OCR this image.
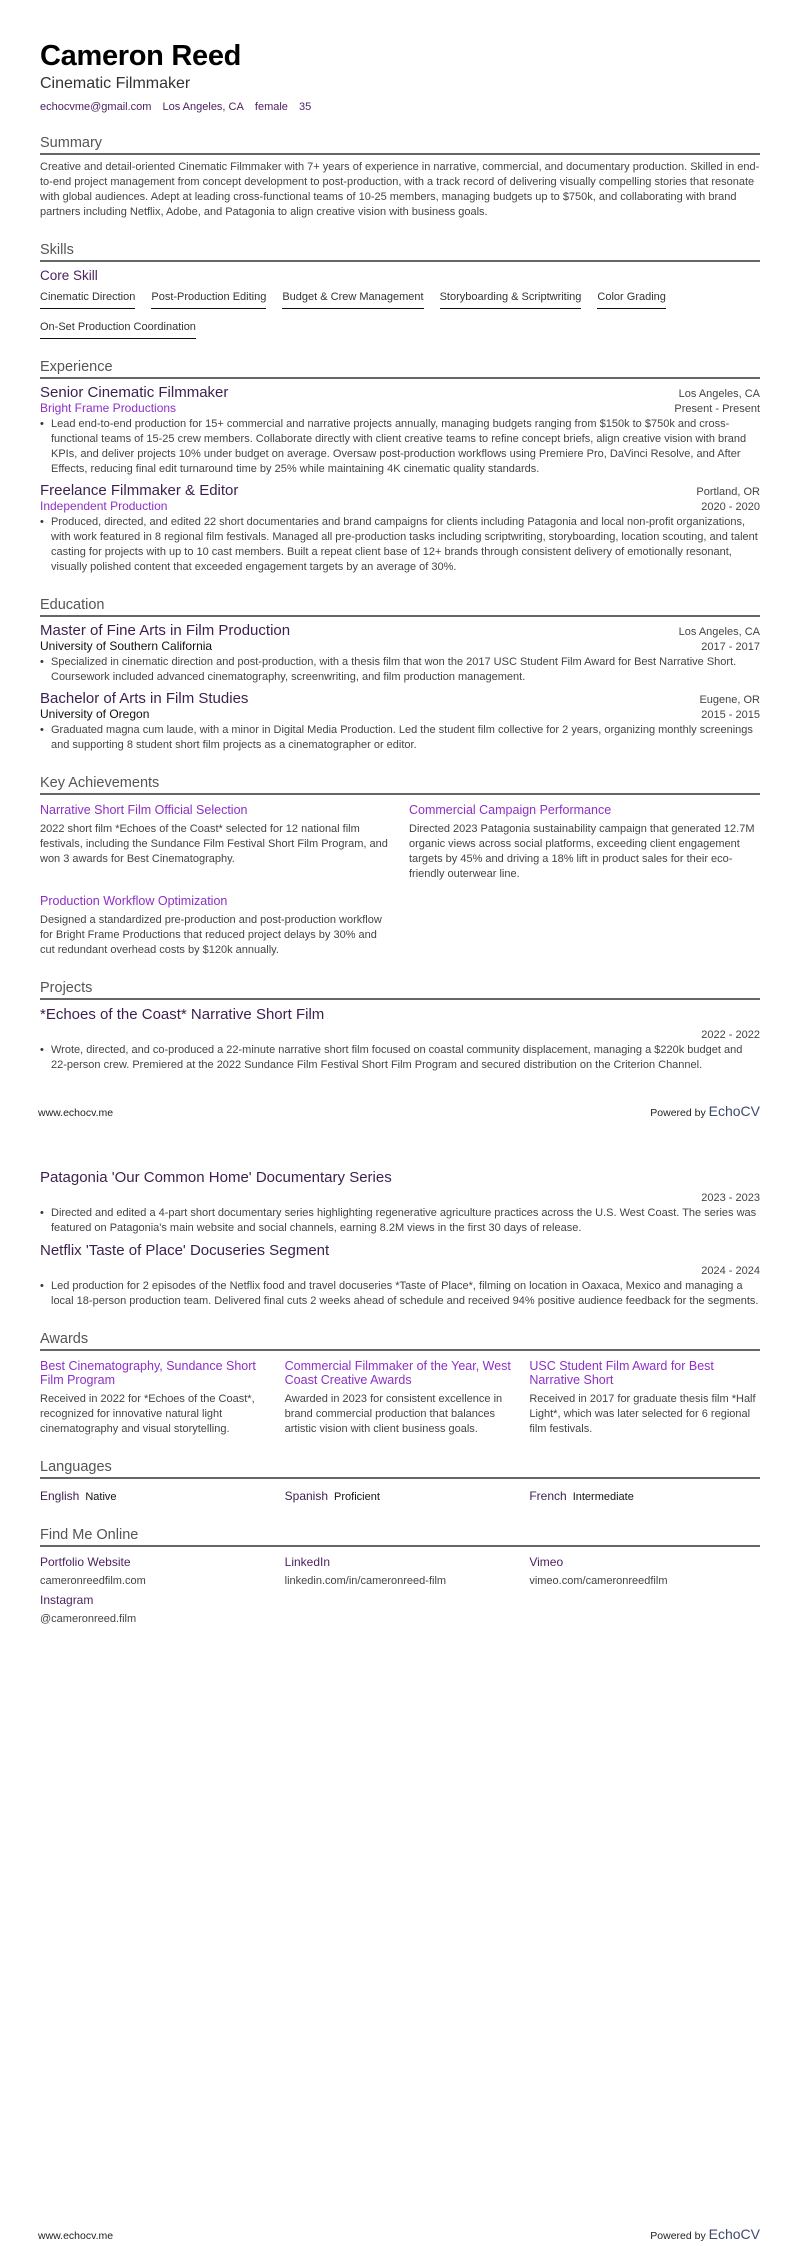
Cameron Reed
Cinematic Filmmaker
echocvme@gmail.com Los Angeles, CA female 35
Summary
Creative and detail-oriented Cinematic Filmmaker with 7+ years of experience in narrative, commercial, and documentary production. Skilled in end-to-end project management from concept development to post-production, with a track record of delivering visually compelling stories that resonate with global audiences. Adept at leading cross-functional teams of 10-25 members, managing budgets up to $750k, and collaborating with brand partners including Netflix, Adobe, and Patagonia to align creative vision with business goals.
Skills
Core Skill
Cinematic Direction Post-Production Editing Budget & Crew Management Storyboarding & Scriptwriting Color Grading
On-Set Production Coordination
Experience
Senior Cinematic Filmmaker	Los Angeles, CA
Bright Frame Productions	Present - Present
• Lead end-to-end production for 15+ commercial and narrative projects annually, managing budgets ranging from $150k to $750k and cross-functional teams of 15-25 crew members. Collaborate directly with client creative teams to refine concept briefs, align creative vision with brand KPIs, and deliver projects 10% under budget on average. Oversaw post-production workflows using Premiere Pro, DaVinci Resolve, and After Effects, reducing final edit turnaround time by 25% while maintaining 4K cinematic quality standards.
Freelance Filmmaker & Editor	Portland, OR
Independent Production	2020 - 2020
• Produced, directed, and edited 22 short documentaries and brand campaigns for clients including Patagonia and local non-profit organizations, with work featured in 8 regional film festivals. Managed all pre-production tasks including scriptwriting, storyboarding, location scouting, and talent casting for projects with up to 10 cast members. Built a repeat client base of 12+ brands through consistent delivery of emotionally resonant, visually polished content that exceeded engagement targets by an average of 30%.
Education
Master of Fine Arts in Film Production	Los Angeles, CA
University of Southern California	2017 - 2017
• Specialized in cinematic direction and post-production, with a thesis film that won the 2017 USC Student Film Award for Best Narrative Short. Coursework included advanced cinematography, screenwriting, and film production management.
Bachelor of Arts in Film Studies	Eugene, OR
University of Oregon	2015 - 2015
• Graduated magna cum laude, with a minor in Digital Media Production. Led the student film collective for 2 years, organizing monthly screenings and supporting 8 student short film projects as a cinematographer or editor.
Key Achievements
Narrative Short Film Official Selection
2022 short film *Echoes of the Coast* selected for 12 national film festivals, including the Sundance Film Festival Short Film Program, and won 3 awards for Best Cinematography.
Commercial Campaign Performance
Directed 2023 Patagonia sustainability campaign that generated 12.7M organic views across social platforms, exceeding client engagement targets by 45% and driving a 18% lift in product sales for their eco-friendly outerwear line.
Production Workflow Optimization
Designed a standardized pre-production and post-production workflow for Bright Frame Productions that reduced project delays by 30% and cut redundant overhead costs by $120k annually.
Projects
*Echoes of the Coast* Narrative Short Film
2022 - 2022
• Wrote, directed, and co-produced a 22-minute narrative short film focused on coastal community displacement, managing a $220k budget and 22-person crew. Premiered at the 2022 Sundance Film Festival Short Film Program and secured distribution on the Criterion Channel.
www.echocv.me	Powered by EchoCV
Patagonia 'Our Common Home' Documentary Series
2023 - 2023
• Directed and edited a 4-part short documentary series highlighting regenerative agriculture practices across the U.S. West Coast. The series was featured on Patagonia's main website and social channels, earning 8.2M views in the first 30 days of release.
Netflix 'Taste of Place' Docuseries Segment
2024 - 2024
• Led production for 2 episodes of the Netflix food and travel docuseries *Taste of Place*, filming on location in Oaxaca, Mexico and managing a local 18-person production team. Delivered final cuts 2 weeks ahead of schedule and received 94% positive audience feedback for the segments.
Awards
Best Cinematography, Sundance Short Film Program
Received in 2022 for *Echoes of the Coast*, recognized for innovative natural light cinematography and visual storytelling.
Commercial Filmmaker of the Year, West Coast Creative Awards
Awarded in 2023 for consistent excellence in brand commercial production that balances artistic vision with client business goals.
USC Student Film Award for Best Narrative Short
Received in 2017 for graduate thesis film *Half Light*, which was later selected for 6 regional film festivals.
Languages
English Native	Spanish Proficient	French Intermediate
Find Me Online
Portfolio Website
cameronreedfilm.com
LinkedIn
linkedin.com/in/cameronreed-film
Vimeo
vimeo.com/cameronreedfilm
Instagram
@cameronreed.film
www.echocv.me	Powered by EchoCV
